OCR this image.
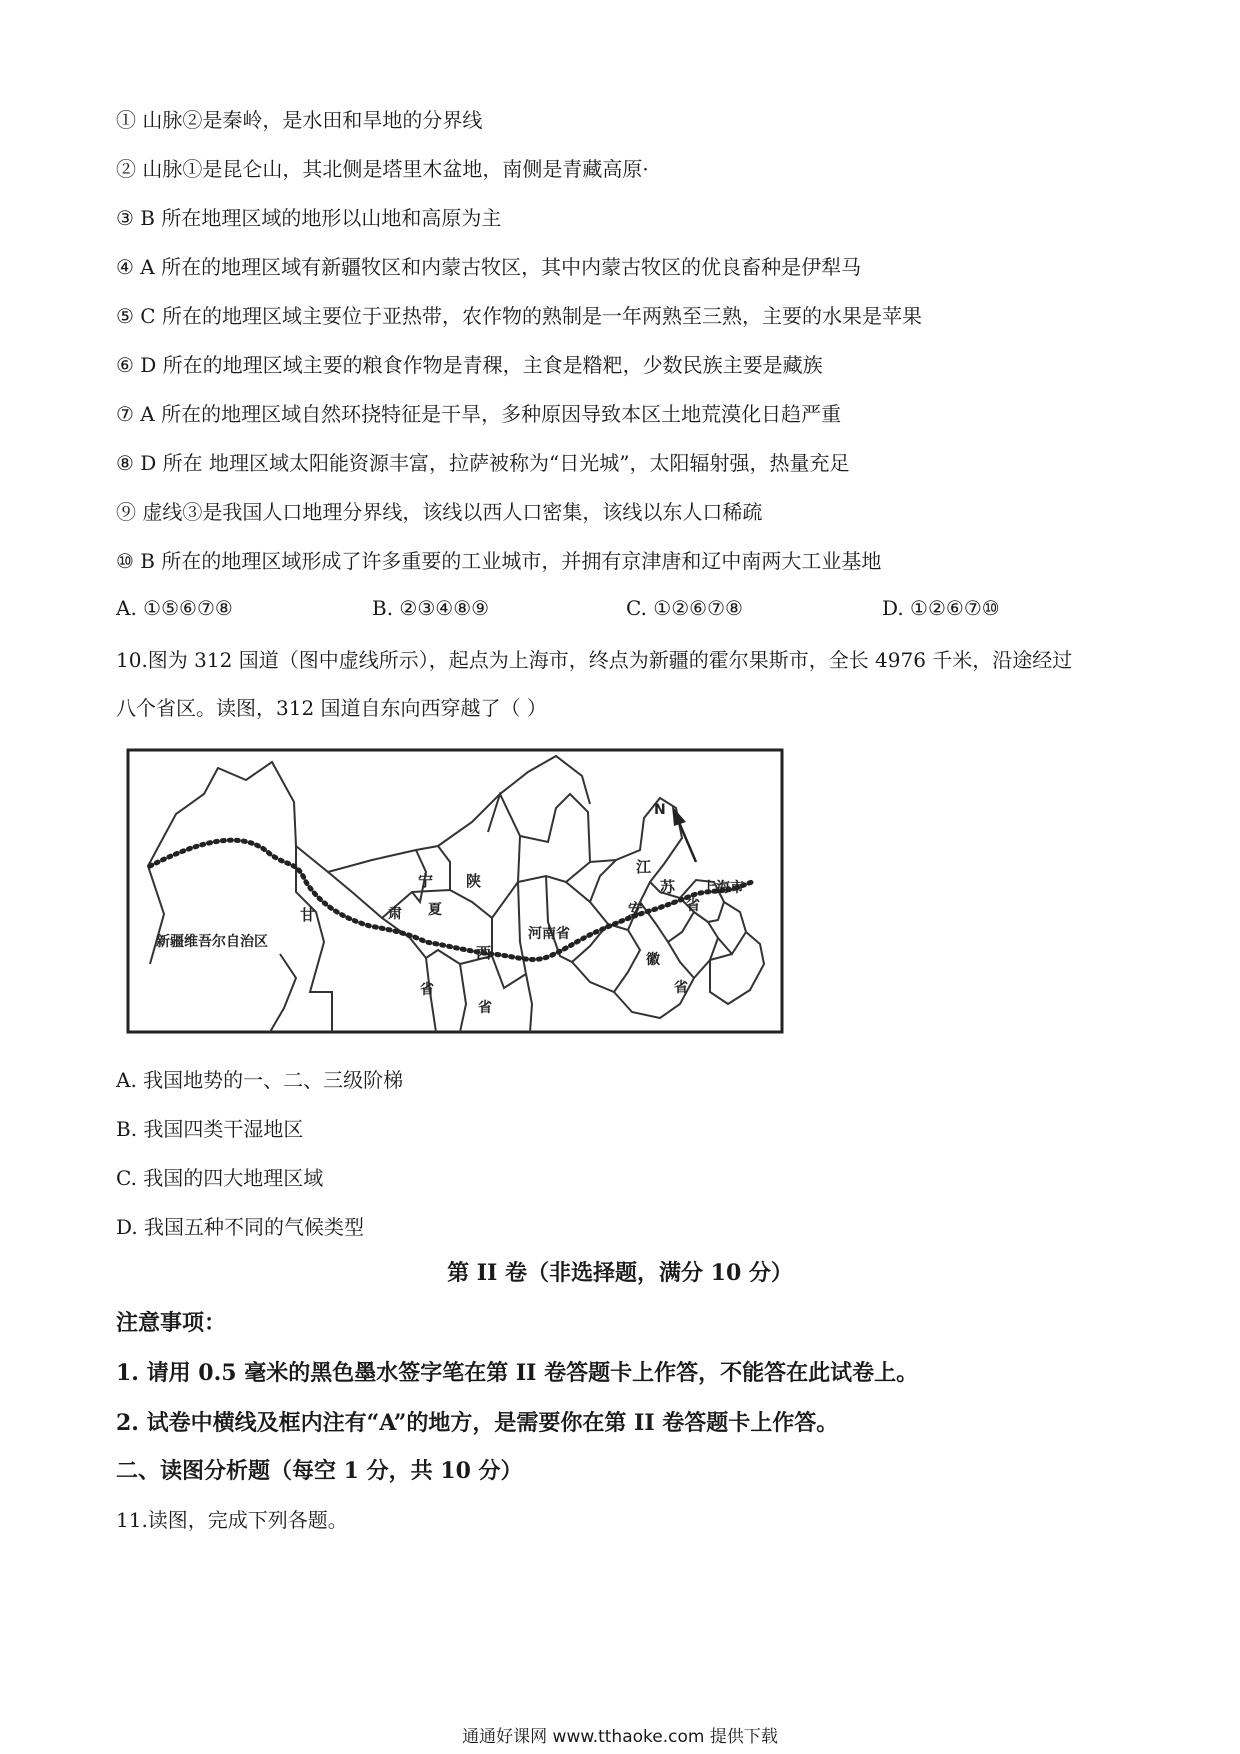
① 山脉②是秦岭，是水田和旱地的分界线
② 山脉①是昆仑山，其北侧是塔里木盆地，南侧是青藏高原·
③ B 所在地理区域的地形以山地和高原为主
④ A 所在的地理区域有新疆牧区和内蒙古牧区，其中内蒙古牧区的优良畜种是伊犁马
⑤ C 所在的地理区域主要位于亚热带，农作物的熟制是一年两熟至三熟，主要的水果是苹果
⑥ D 所在的地理区域主要的粮食作物是青稞，主食是糌粑，少数民族主要是藏族
⑦ A 所在的地理区域自然环挠特征是干旱，多种原因导致本区土地荒漠化日趋严重
⑧ D 所在 地理区域太阳能资源丰富，拉萨被称为“日光城”，太阳辐射强，热量充足
⑨ 虚线③是我国人口地理分界线，该线以西人口密集，该线以东人口稀疏
⑩ B 所在的地理区域形成了许多重要的工业城市，并拥有京津唐和辽中南两大工业基地
A. ①⑤⑥⑦⑧	B. ②③④⑧⑨	C. ①②⑥⑦⑧	D. ①②⑥⑦⑩
10.图为 312 国道（图中虚线所示），起点为上海市，终点为新疆的霍尔果斯市，全长 4976 千米，沿途经过
八个省区。读图，312 国道自东向西穿越了（ ）
N
新疆维吾尔自治区
甘	肃
宁
夏
省
陕
西
省
河南省
江
苏
省
安
徽
省
上海市
A. 我国地势的一、二、三级阶梯
B. 我国四类干湿地区
C. 我国的四大地理区域
D. 我国五种不同的气候类型
第 II 卷（非选择题，满分 10 分）
注意事项：
1. 请用 0.5 毫米的黑色墨水签字笔在第 II 卷答题卡上作答，不能答在此试卷上。
2. 试卷中横线及框内注有“A”的地方，是需要你在第 II 卷答题卡上作答。
二、读图分析题（每空 1 分，共 10 分）
11.读图，完成下列各题。
通通好课网 www.tthaoke.com 提供下载
